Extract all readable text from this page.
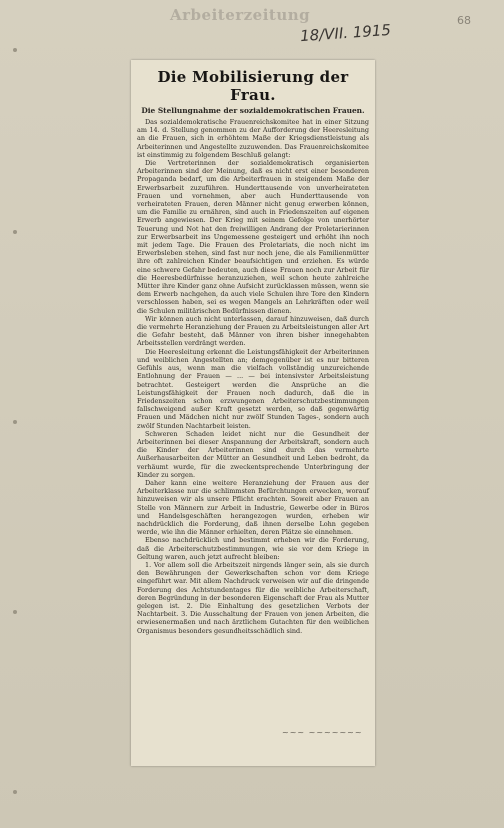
Arbeiterzeitung
18/VII. 1915
68
Die Mobilisierung der Frau.
Die Stellungnahme der sozialdemokratischen Frauen.

Das sozialdemokratische Frauenreichskomitee hat in einer Sitzung am 14. d. Stellung genommen zu der Aufforderung der Heeresleitung an die Frauen, sich in erhöhtem Maße der Kriegsdienstleistung als Arbeiterinnen und Angestellte zuzuwenden. Das Frauenreichskomitee ist einstimmig zu folgendem Beschluß gelangt:

Die Vertreterinnen der sozialdemokratisch organisierten Arbeiterinnen sind der Meinung, daß es nicht erst einer besonderen Propaganda bedarf, um die Arbeiterfrauen in steigendem Maße der Erwerbsarbeit zuzuführen. Hunderttausende von unverheirateten Frauen und vornehmen, aber auch Hunderttausende von verheirateten Frauen, deren Männer nicht genug erwerben können, um die Familie zu ernähren, sind auch in Friedenszeiten auf eigenen Erwerb angewiesen. Der Krieg mit seinem Gefolge von unerhörter Teuerung und Not hat den freiwilligen Andrang der Proletarierinnen zur Erwerbsarbeit ins Ungemessene gesteigert und erhöht ihn noch mit jedem Tage. Die Frauen des Proletariats, die noch nicht im Erwerbsleben stehen, sind fast nur noch jene, die als Familienmütter ihre oft zahlreichen Kinder beaufsichtigen und erziehen. Es würde eine schwere Gefahr bedeuten, auch diese Frauen noch zur Arbeit für die Heeresbedürfnisse heranzuziehen, weil schon heute zahlreiche Mütter ihre Kinder ganz ohne Aufsicht zurücklassen müssen, wenn sie dem Erwerb nachgehen, da auch viele Schulen ihre Tore den Kindern verschlossen haben, sei es wegen Mangels an Lehrkräften oder weil die Schulen militärischen Bedürfnissen dienen.

Wir können auch nicht unterlassen, darauf hinzuweisen, daß durch die vermehrte Heranziehung der Frauen zu Arbeitsleistungen aller Art die Gefahr besteht, daß Männer von ihren bisher innegehabten Arbeitsstellen verdrängt werden.

Die Heeresleitung erkennt die Leistungsfähigkeit der Arbeiterinnen und weiblichen Angestellten an; demgegenüber ist es nur bitteren Gefühls aus, wenn man die vielfach vollständig unzureichende Entlohnung der Frauen — ... — bei intensivster Arbeitsleistung betrachtet. Gesteigert werden die Ansprüche an die Leistungsfähigkeit der Frauen noch dadurch, daß die in Friedenszeiten schon erzwungenen Arbeiterschutzbestimmungen fallschweigend außer Kraft gesetzt werden, so daß gegenwärtig Frauen und Mädchen nicht nur zwölf Stunden Tages-, sondern auch zwölf Stunden Nachtarbeit leisten.

Schweren Schaden leidet nicht nur die Gesundheit der Arbeiterinnen bei dieser Anspannung der Arbeitskraft, sondern auch die Kinder der Arbeiterinnen sind durch das vermehrte Außerhausarbeiten der Mütter an Gesundheit und Leben bedroht, da verhäumt wurde, für die zweckentsprechende Unterbringung der Kinder zu sorgen.

Daher kann eine weitere Heranziehung der Frauen aus der Arbeiterklasse nur die schlimmsten Befürchtungen erwecken, worauf hinzuweisen wir als unsere Pflicht erachten. Soweit aber Frauen an Stelle von Männern zur Arbeit in Industrie, Gewerbe oder in Büros und Handelsgeschäften herangezogen wurden, erheben wir nachdrücklich die Forderung, daß ihnen derselbe Lohn gegeben werde, wie ihn die Männer erhielten, deren Plätze sie einnehmen.

Ebenso nachdrücklich und bestimmt erheben wir die Forderung, daß die Arbeiterschutzbestimmungen, wie sie vor dem Kriege in Geltung waren, auch jetzt aufrecht bleiben:

1. Vor allem soll die Arbeitszeit nirgends länger sein, als sie durch den Bewährungen der Gewerkschaften schon vor dem Kriege eingeführt war. Mit allem Nachdruck verweisen wir auf die dringende Forderung des Achtstundentages für die weibliche Arbeiterschaft, deren Begründung in der besonderen Eigenschaft der Frau als Mutter gelegen ist. 2. Die Einhaltung des gesetzlichen Verbots der Nachtarbeit. 3. Die Ausschaltung der Frauen von jenen Arbeiten, die erwiesenermaßen und nach ärztlichem Gutachten für den weiblichen Organismus besonders gesundheitsschädlich sind.

~~~ ~~~~~~~
